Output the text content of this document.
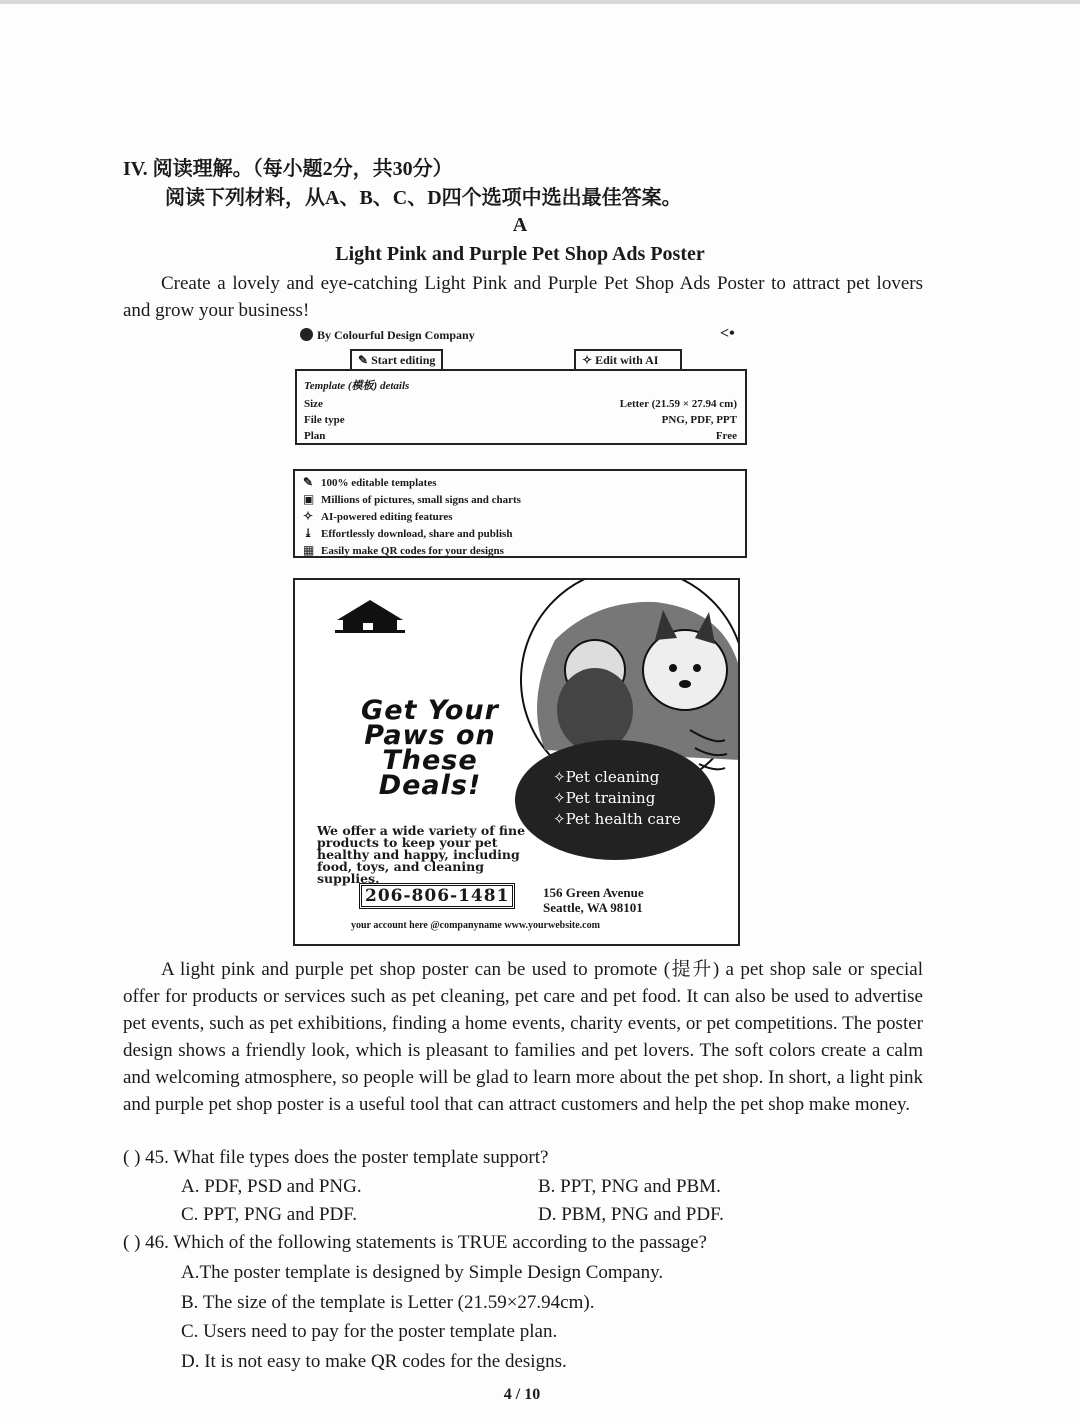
IV. 阅读理解。（每小题2分，共30分）
阅读下列材料，从A、B、C、D四个选项中选出最佳答案。
A
Light Pink and Purple Pet Shop Ads Poster

Create a lovely and eye-catching Light Pink and Purple Pet Shop Ads Poster to attract pet lovers and grow your business!

By Colourful Design Company	<•
✎ Start editing	✧ Edit with AI
Template (模板) details
Size	Letter (21.59 × 27.94 cm)
File type	PNG, PDF, PPT
Plan	Free
✎ 100% editable templates
▣ Millions of pictures, small signs and charts
✧ AI-powered editing features
⤓ Effortlessly download, share and publish
▦ Easily make QR codes for your designs
Get Your
Paws on
These
Deals!	✧Pet cleaning
✧Pet training
✧Pet health care
We offer a wide variety of fine products to keep your pet healthy and happy, including food, toys, and cleaning supplies.
206-806-1481	156 Green Avenue
Seattle, WA 98101
your account here @companyname www.yourwebsite.com

A light pink and purple pet shop poster can be used to promote (提升) a pet shop sale or special offer for products or services such as pet cleaning, pet care and pet food. It can also be used to advertise pet events, such as pet exhibitions, finding a home events, charity events, or pet competitions. The poster design shows a friendly look, which is pleasant to families and pet lovers. The soft colors create a calm and welcoming atmosphere, so people will be glad to learn more about the pet shop. In short, a light pink and purple pet shop poster is a useful tool that can attract customers and help the pet shop make money.

( ) 45. What file types does the poster template support?
A. PDF, PSD and PNG.	B. PPT, PNG and PBM.
C. PPT, PNG and PDF.	D. PBM, PNG and PDF.
( ) 46. Which of the following statements is TRUE according to the passage?
A.The poster template is designed by Simple Design Company.
B. The size of the template is Letter (21.59×27.94cm).
C. Users need to pay for the poster template plan.
D. It is not easy to make QR codes for the designs.
4 / 10
